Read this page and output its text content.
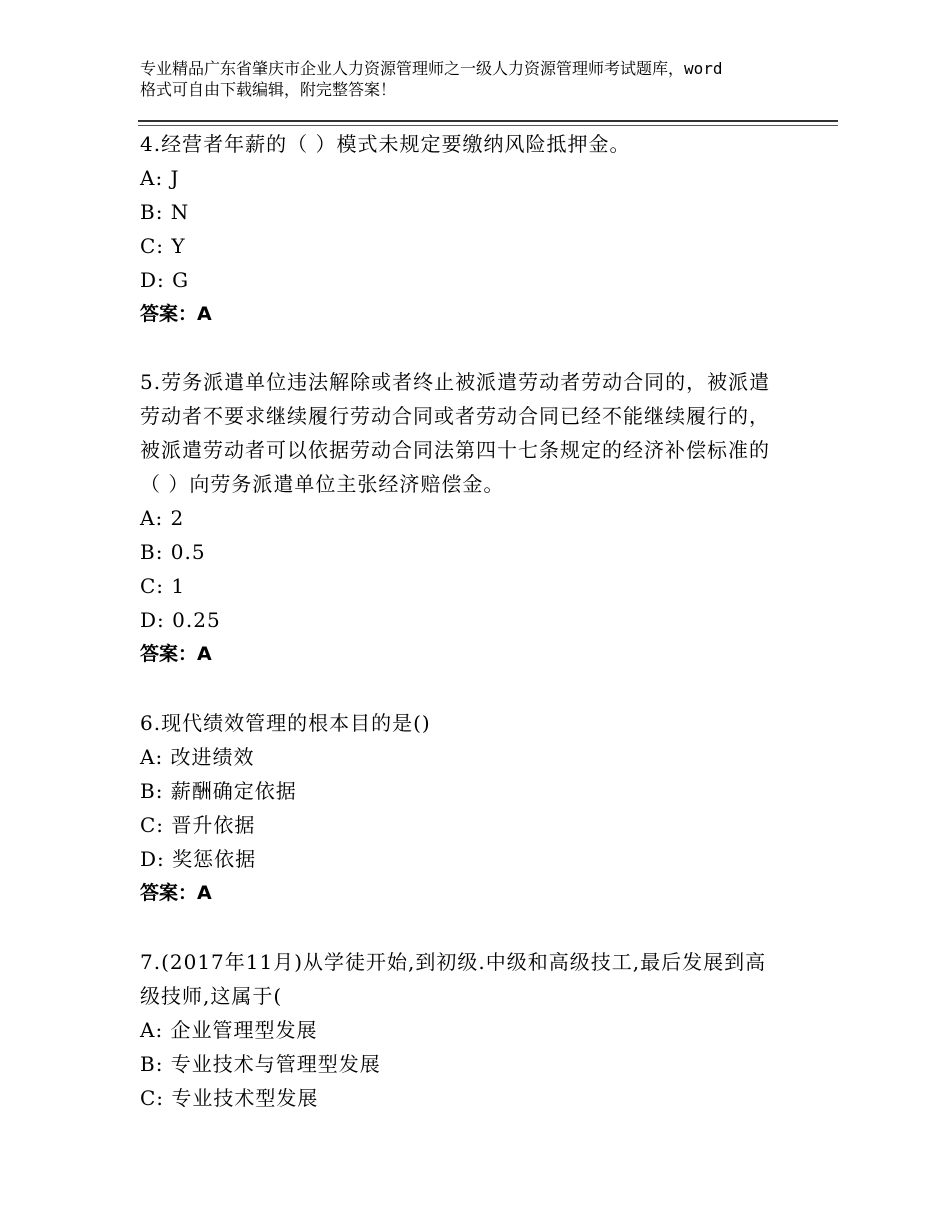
专业精品广东省肇庆市企业人力资源管理师之一级人力资源管理师考试题库，word
格式可自由下载编辑，附完整答案！
4.经营者年薪的（ ）模式未规定要缴纳风险抵押金。
A: J
B: N
C: Y
D: G
答案：A
5.劳务派遣单位违法解除或者终止被派遣劳动者劳动合同的，被派遣
劳动者不要求继续履行劳动合同或者劳动合同已经不能继续履行的，
被派遣劳动者可以依据劳动合同法第四十七条规定的经济补偿标准的
（ ）向劳务派遣单位主张经济赔偿金。
A: 2
B: 0.5
C: 1
D: 0.25
答案：A
6.现代绩效管理的根本目的是()
A: 改进绩效
B: 薪酬确定依据
C: 晋升依据
D: 奖惩依据
答案：A
7.(2017年11月)从学徒开始,到初级.中级和高级技工,最后发展到高
级技师,这属于(
A: 企业管理型发展
B: 专业技术与管理型发展
C: 专业技术型发展
